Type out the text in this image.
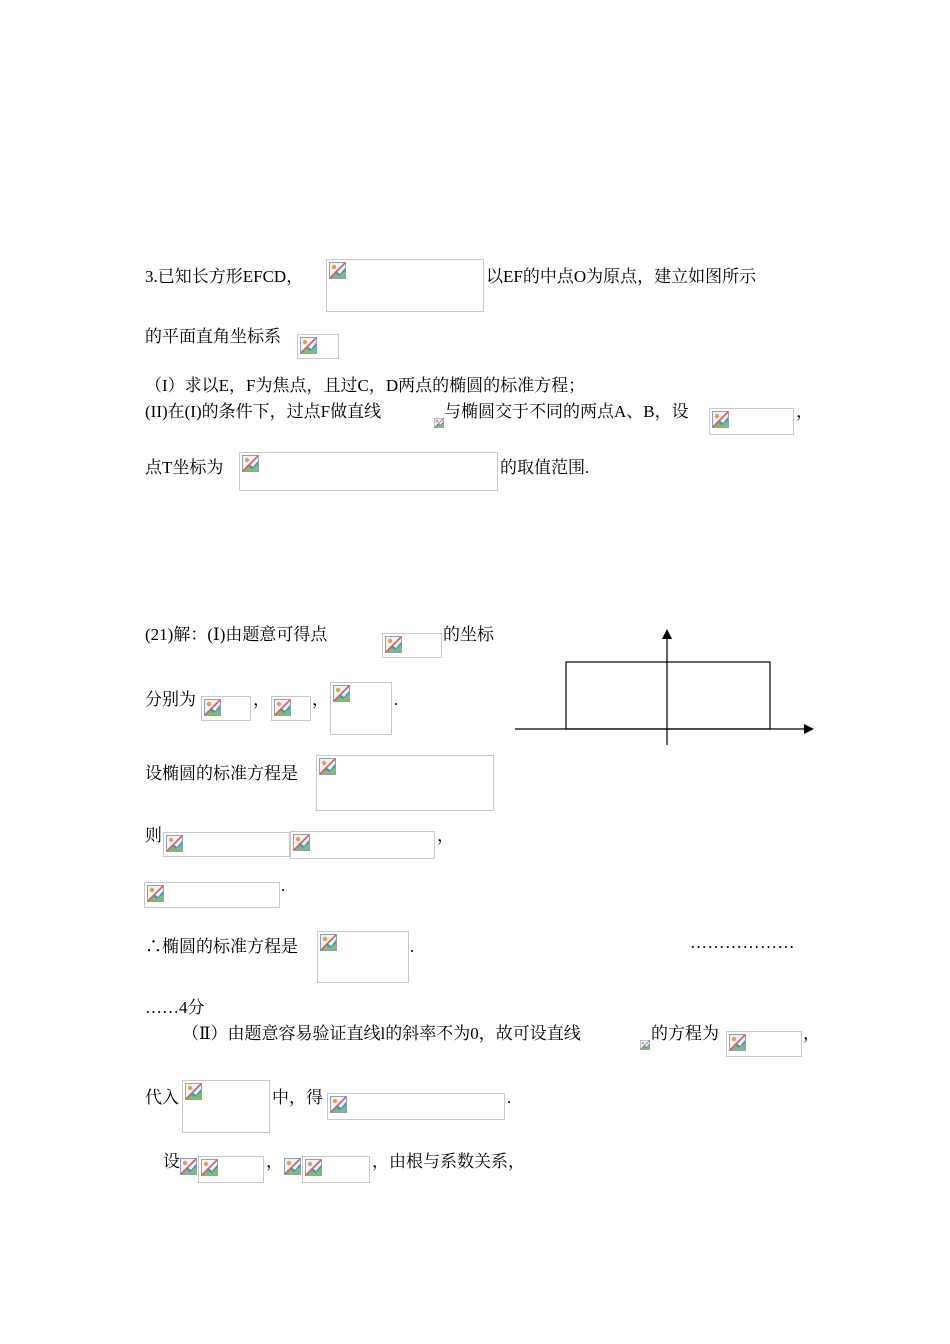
3.已知长方形EFCD，	以EF的中点O为原点，建立如图所示
的平面直角坐标系
（I）求以E，F为焦点，且过C，D两点的椭圆的标准方程；
(II)在(I)的条件下，过点F做直线	与椭圆交于不同的两点A、B，设	，
点T坐标为	的取值范围.
(21)解：(Ⅰ)由题意可得点	的坐标
分别为	， ，	.
设椭圆的标准方程是
则	，
.
∴椭圆的标准方程是	.	………………
……4分
（Ⅱ）由题意容易验证直线l的斜率不为0，故可设直线	的方程为	，
代入	中，得	.
设	，	，由根与系数关系，
